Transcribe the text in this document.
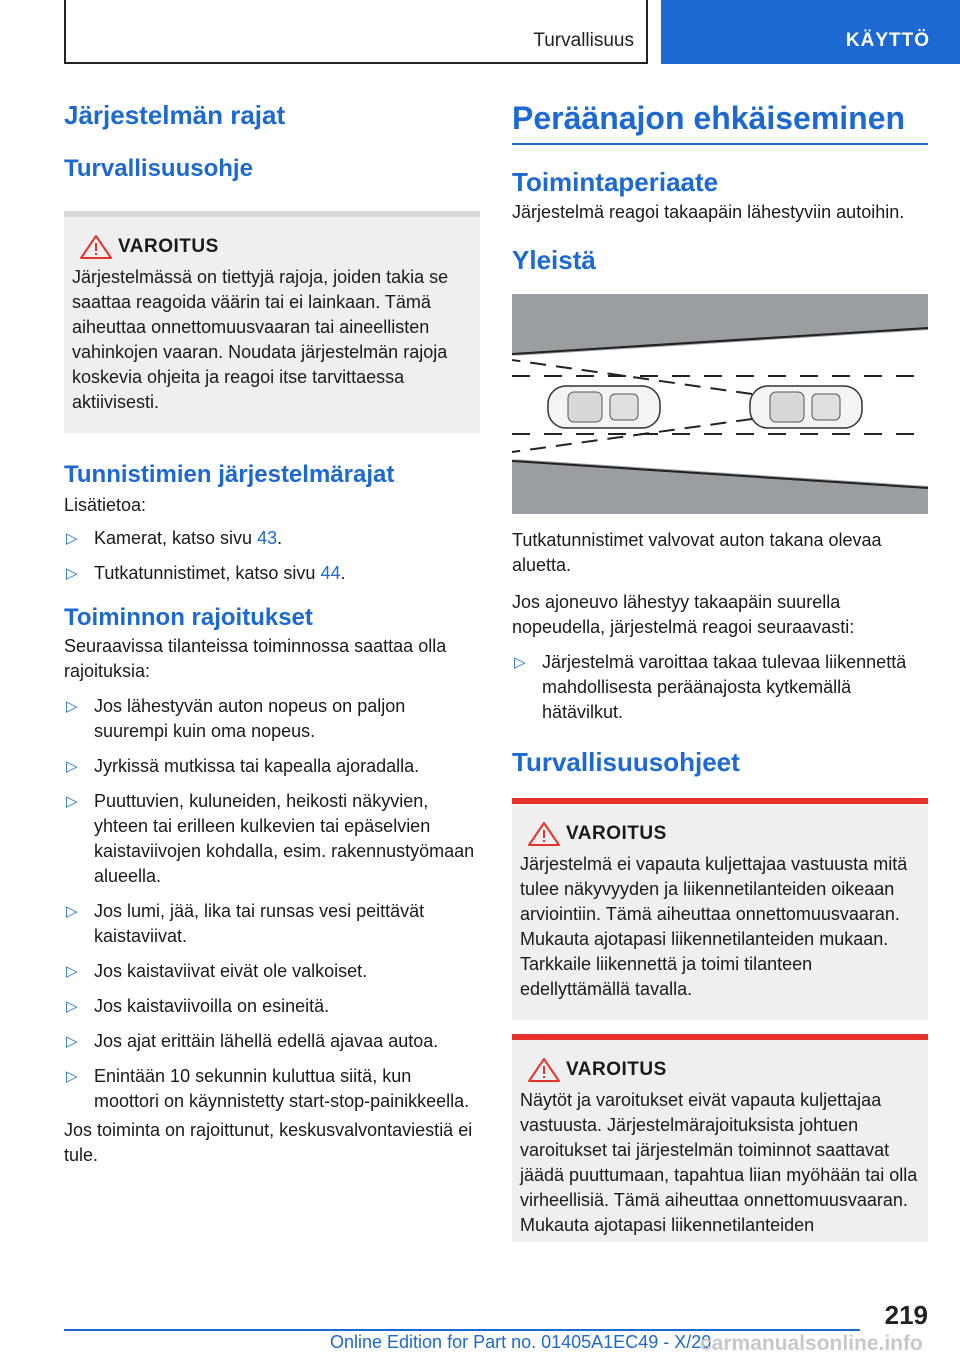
Turvallisuus	KÄYTTÖ
Järjestelmän rajat
Turvallisuusohje
VAROITUS
Järjestelmässä on tiettyjä rajoja, joiden takia se saattaa reagoida väärin tai ei lainkaan. Tämä aiheuttaa onnettomuusvaaran tai aineellisten vahinkojen vaaran. Noudata järjestelmän rajoja koskevia ohjeita ja reagoi itse tarvittaessa aktiivisesti.
Tunnistimien järjestelmärajat

Lisätietoa:

▷ Kamerat, katso sivu 43.
▷ Tutkatunnistimet, katso sivu 44.
Toiminnon rajoitukset

Seuraavissa tilanteissa toiminnossa saattaa olla rajoituksia:

▷ Jos lähestyvän auton nopeus on paljon suurempi kuin oma nopeus.
▷ Jyrkissä mutkissa tai kapealla ajoradalla.
▷ Puuttuvien, kuluneiden, heikosti näkyvien, yhteen tai erilleen kulkevien tai epäselvien kaistaviivojen kohdalla, esim. rakennustyömaan alueella.
▷ Jos lumi, jää, lika tai runsas vesi peittävät kaistaviivat.
▷ Jos kaistaviivat eivät ole valkoiset.
▷ Jos kaistaviivoilla on esineitä.
▷ Jos ajat erittäin lähellä edellä ajavaa autoa.
▷ Enintään 10 sekunnin kuluttua siitä, kun moottori on käynnistetty start-stop-painikkeella.

Jos toiminta on rajoittunut, keskusvalvontaviestiä ei tule.

Peräänajon ehkäiseminen
Toimintaperiaate

Järjestelmä reagoi takaapäin lähestyviin autoihin.

Yleistä

Tutkatunnistimet valvovat auton takana olevaa aluetta.

Jos ajoneuvo lähestyy takaapäin suurella nopeudella, järjestelmä reagoi seuraavasti:

▷ Järjestelmä varoittaa takaa tulevaa liikennettä mahdollisesta peräänajosta kytkemällä hätävilkut.
Turvallisuusohjeet
VAROITUS
Järjestelmä ei vapauta kuljettajaa vastuusta mitä tulee näkyvyyden ja liikennetilanteiden oikeaan arviointiin. Tämä aiheuttaa onnettomuusvaaran. Mukauta ajotapasi liikennetilanteiden mukaan. Tarkkaile liikennettä ja toimi tilanteen edellyttämällä tavalla.
VAROITUS
Näytöt ja varoitukset eivät vapauta kuljettajaa vastuusta. Järjestelmärajoituksista johtuen varoitukset tai järjestelmän toiminnot saattavat jäädä puuttumaan, tapahtua liian myöhään tai olla virheellisiä. Tämä aiheuttaa onnettomuusvaaran. Mukauta ajotapasi liikennetilanteiden
219
Online Edition for Part no. 01405A1EC49 - X/20
carmanualsonline.info
